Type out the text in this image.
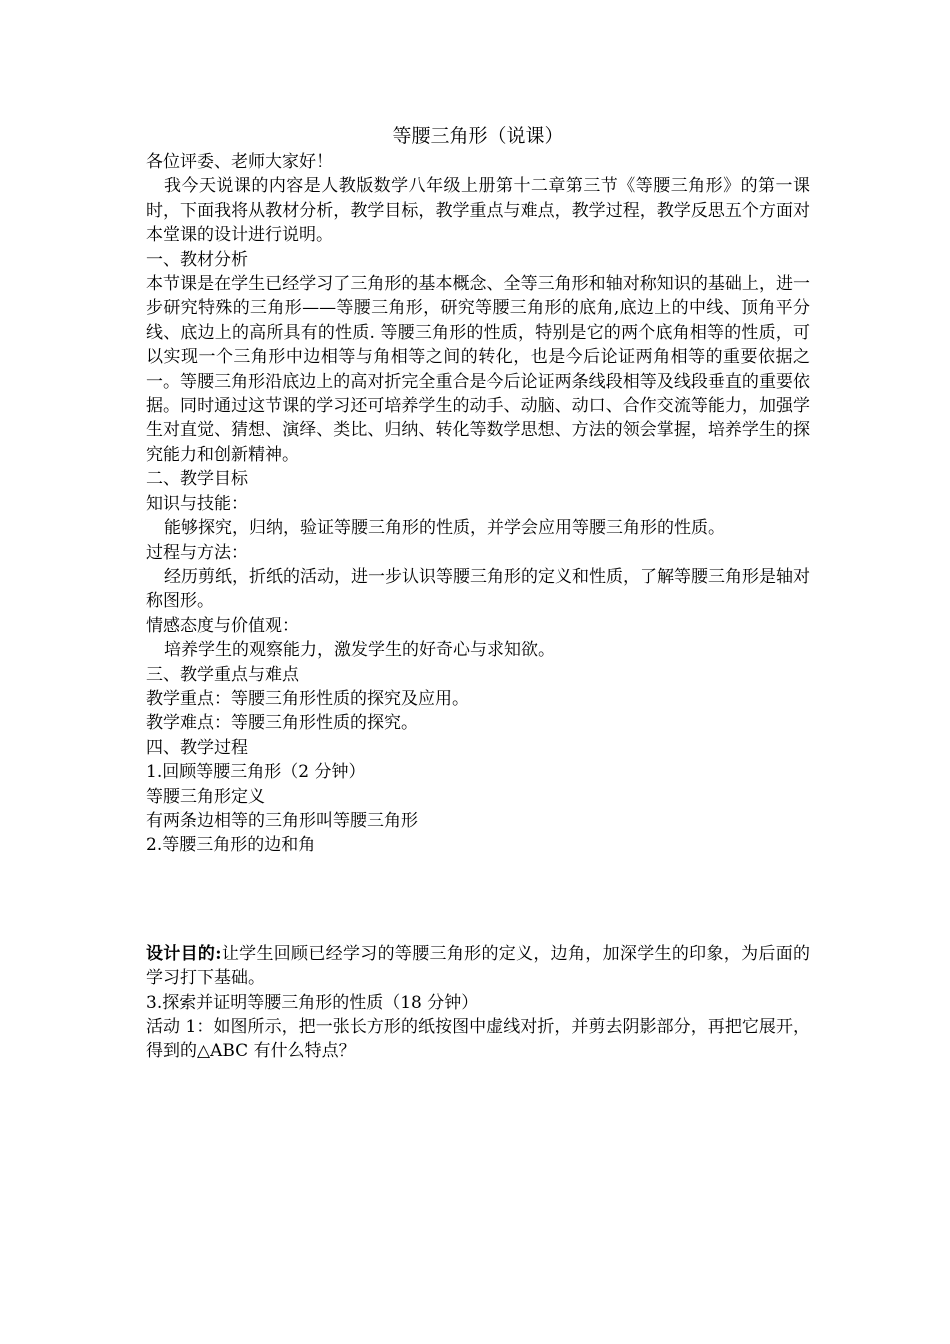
等腰三角形（说课）

各位评委、老师大家好！

我今天说课的内容是人教版数学八年级上册第十二章第三节《等腰三角形》的第一课时，下面我将从教材分析，教学目标，教学重点与难点，教学过程，教学反思五个方面对本堂课的设计进行说明。

一、教材分析

本节课是在学生已经学习了三角形的基本概念、全等三角形和轴对称知识的基础上，进一步研究特殊的三角形——等腰三角形，研究等腰三角形的底角,底边上的中线、顶角平分线、底边上的高所具有的性质. 等腰三角形的性质，特别是它的两个底角相等的性质，可以实现一个三角形中边相等与角相等之间的转化，也是今后论证两角相等的重要依据之一。等腰三角形沿底边上的高对折完全重合是今后论证两条线段相等及线段垂直的重要依据。同时通过这节课的学习还可培养学生的动手、动脑、动口、合作交流等能力，加强学生对直觉、猜想、演绎、类比、归纳、转化等数学思想、方法的领会掌握，培养学生的探究能力和创新精神。

二、教学目标

知识与技能：

能够探究，归纳，验证等腰三角形的性质，并学会应用等腰三角形的性质。

过程与方法：

经历剪纸，折纸的活动，进一步认识等腰三角形的定义和性质，了解等腰三角形是轴对称图形。

情感态度与价值观：

培养学生的观察能力，激发学生的好奇心与求知欲。

三、教学重点与难点

教学重点：等腰三角形性质的探究及应用。

教学难点：等腰三角形性质的探究。

四、教学过程

1.回顾等腰三角形（2 分钟）

等腰三角形定义

有两条边相等的三角形叫等腰三角形

2.等腰三角形的边和角

设计目的:让学生回顾已经学习的等腰三角形的定义，边角，加深学生的印象，为后面的学习打下基础。

3.探索并证明等腰三角形的性质（18 分钟）

活动 1：如图所示，把一张长方形的纸按图中虚线对折，并剪去阴影部分，再把它展开，得到的△ABC 有什么特点？
